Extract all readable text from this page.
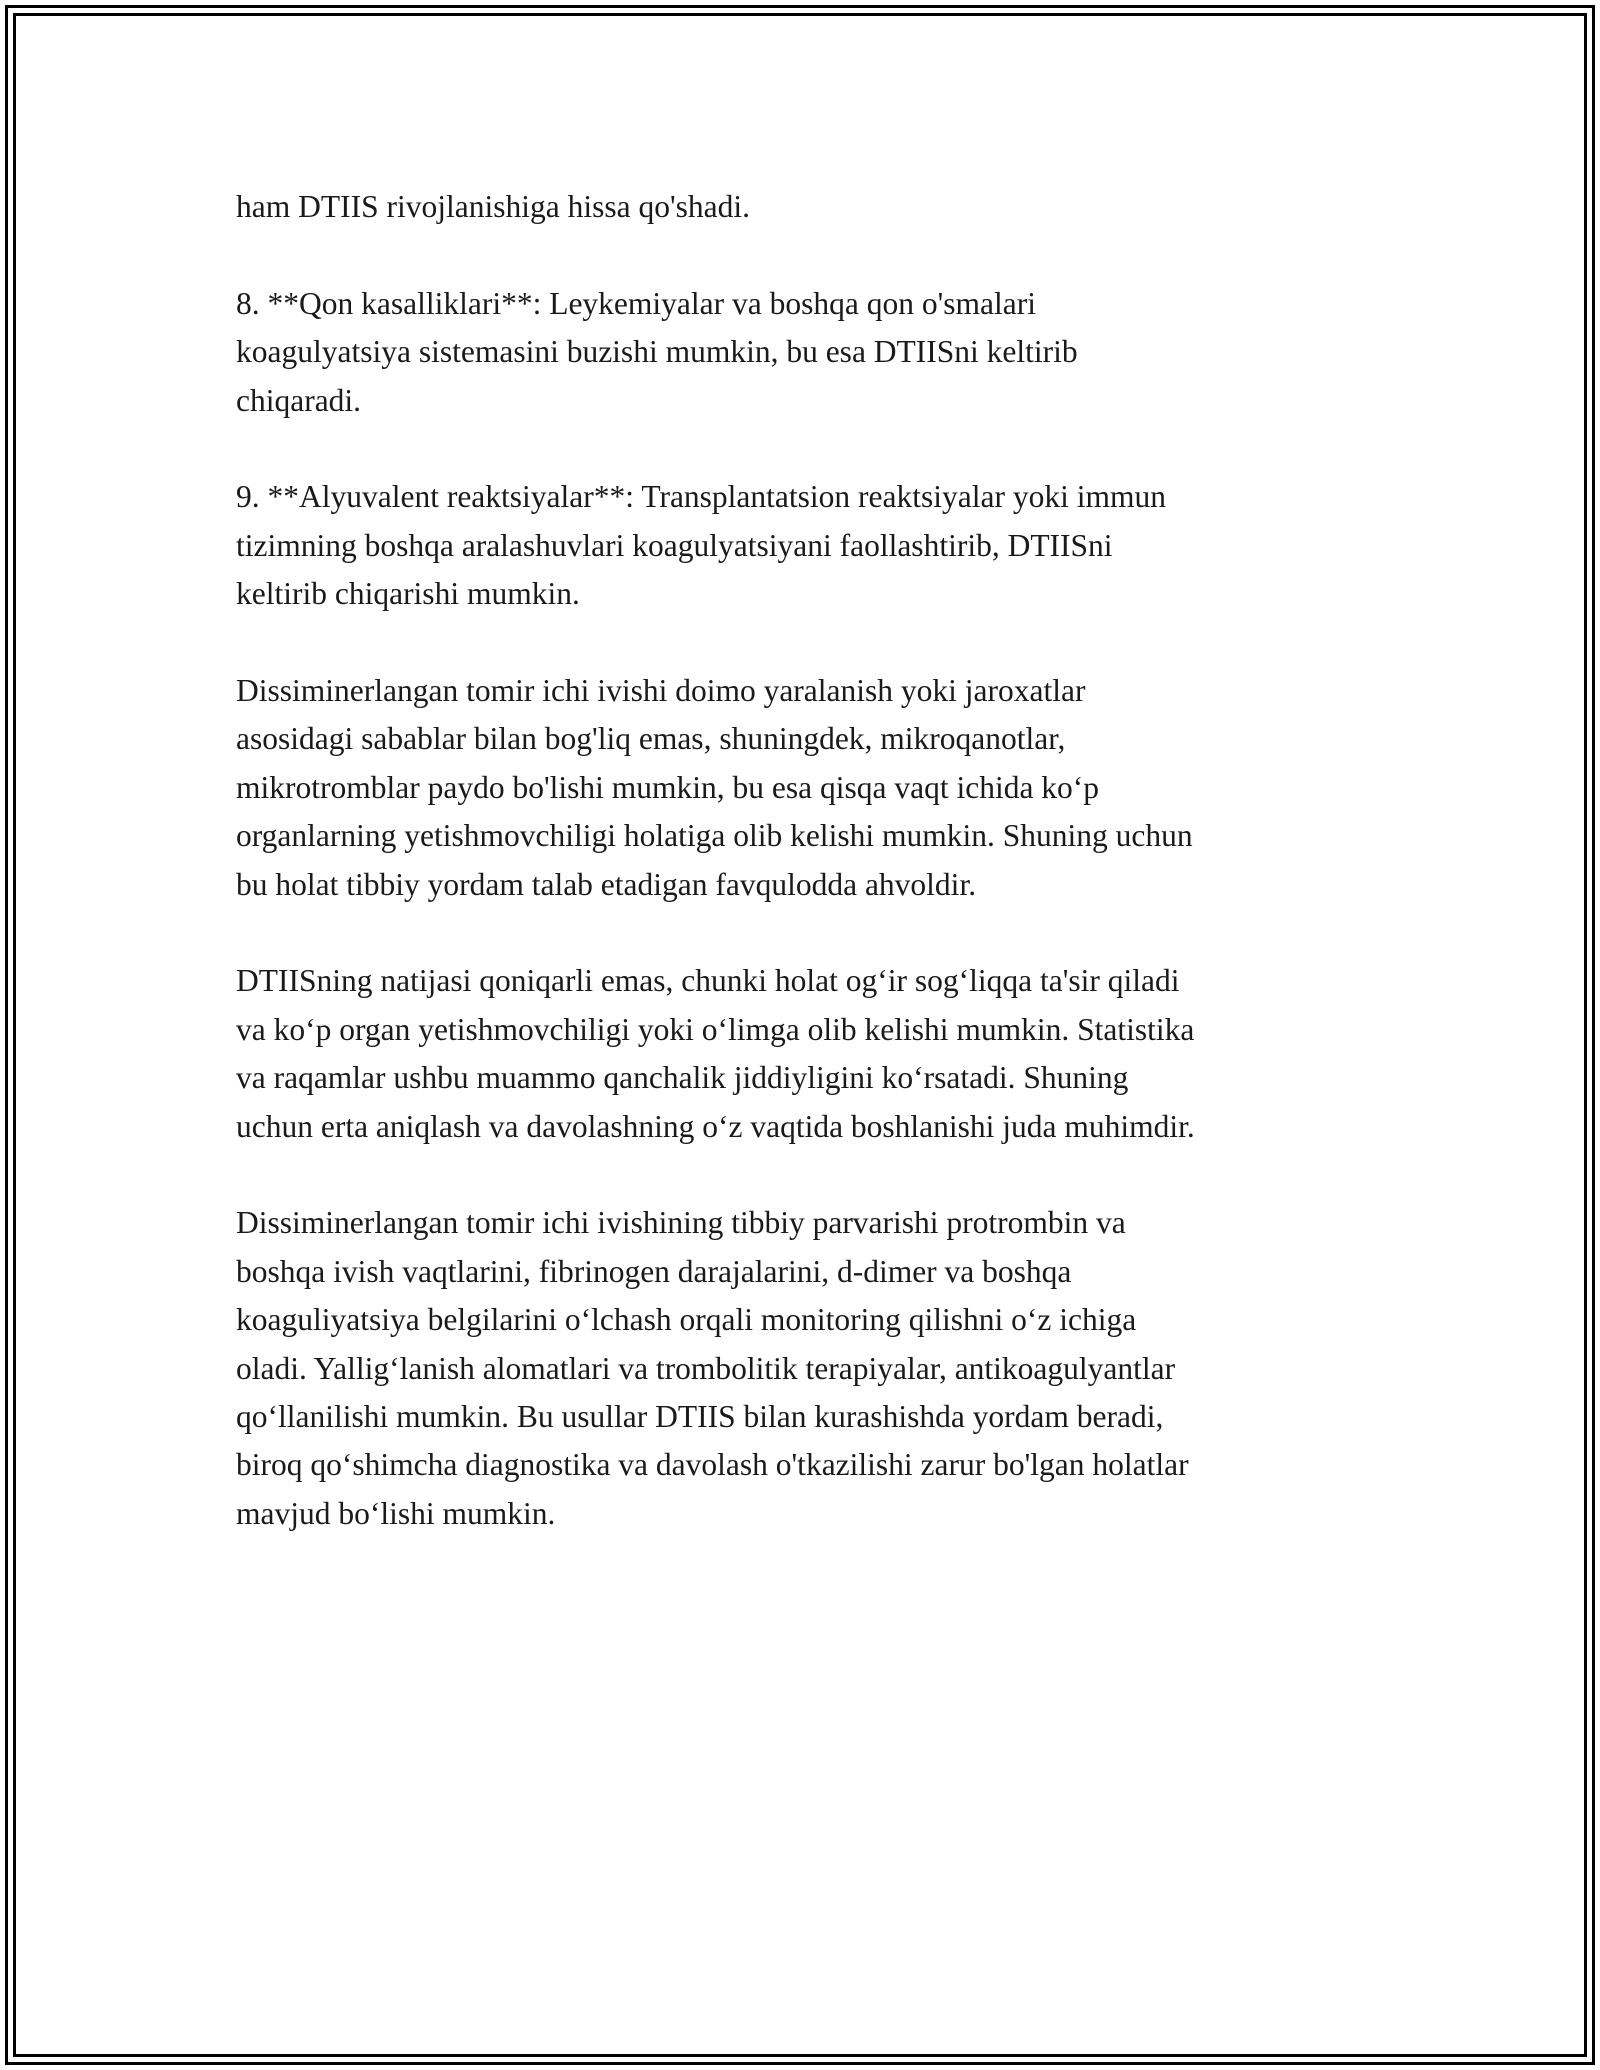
ham DTIIS rivojlanishiga hissa qo'shadi.

8. **Qon kasalliklari**: Leykemiyalar va boshqa qon o'smalari
koagulyatsiya sistemasini buzishi mumkin, bu esa DTIISni keltirib
chiqaradi.

9. **Alyuvalent reaktsiyalar**: Transplantatsion reaktsiyalar yoki immun
tizimning boshqa aralashuvlari koagulyatsiyani faollashtirib, DTIISni
keltirib chiqarishi mumkin.

Dissiminerlangan tomir ichi ivishi doimo yaralanish yoki jaroxatlar
asosidagi sabablar bilan bog'liq emas, shuningdek, mikroqanotlar,
mikrotromblar paydo bo'lishi mumkin, bu esa qisqa vaqt ichida ko‘p
organlarning yetishmovchiligi holatiga olib kelishi mumkin. Shuning uchun
bu holat tibbiy yordam talab etadigan favqulodda ahvoldir.

DTIISning natijasi qoniqarli emas, chunki holat og‘ir sog‘liqqa ta'sir qiladi
va ko‘p organ yetishmovchiligi yoki o‘limga olib kelishi mumkin. Statistika
va raqamlar ushbu muammo qanchalik jiddiyligini ko‘rsatadi. Shuning
uchun erta aniqlash va davolashning o‘z vaqtida boshlanishi juda muhimdir.

Dissiminerlangan tomir ichi ivishining tibbiy parvarishi protrombin va
boshqa ivish vaqtlarini, fibrinogen darajalarini, d-dimer va boshqa
koaguliyatsiya belgilarini o‘lchash orqali monitoring qilishni o‘z ichiga
oladi. Yallig‘lanish alomatlari va trombolitik terapiyalar, antikoagulyantlar
qo‘llanilishi mumkin. Bu usullar DTIIS bilan kurashishda yordam beradi,
biroq qo‘shimcha diagnostika va davolash o'tkazilishi zarur bo'lgan holatlar
mavjud bo‘lishi mumkin.
